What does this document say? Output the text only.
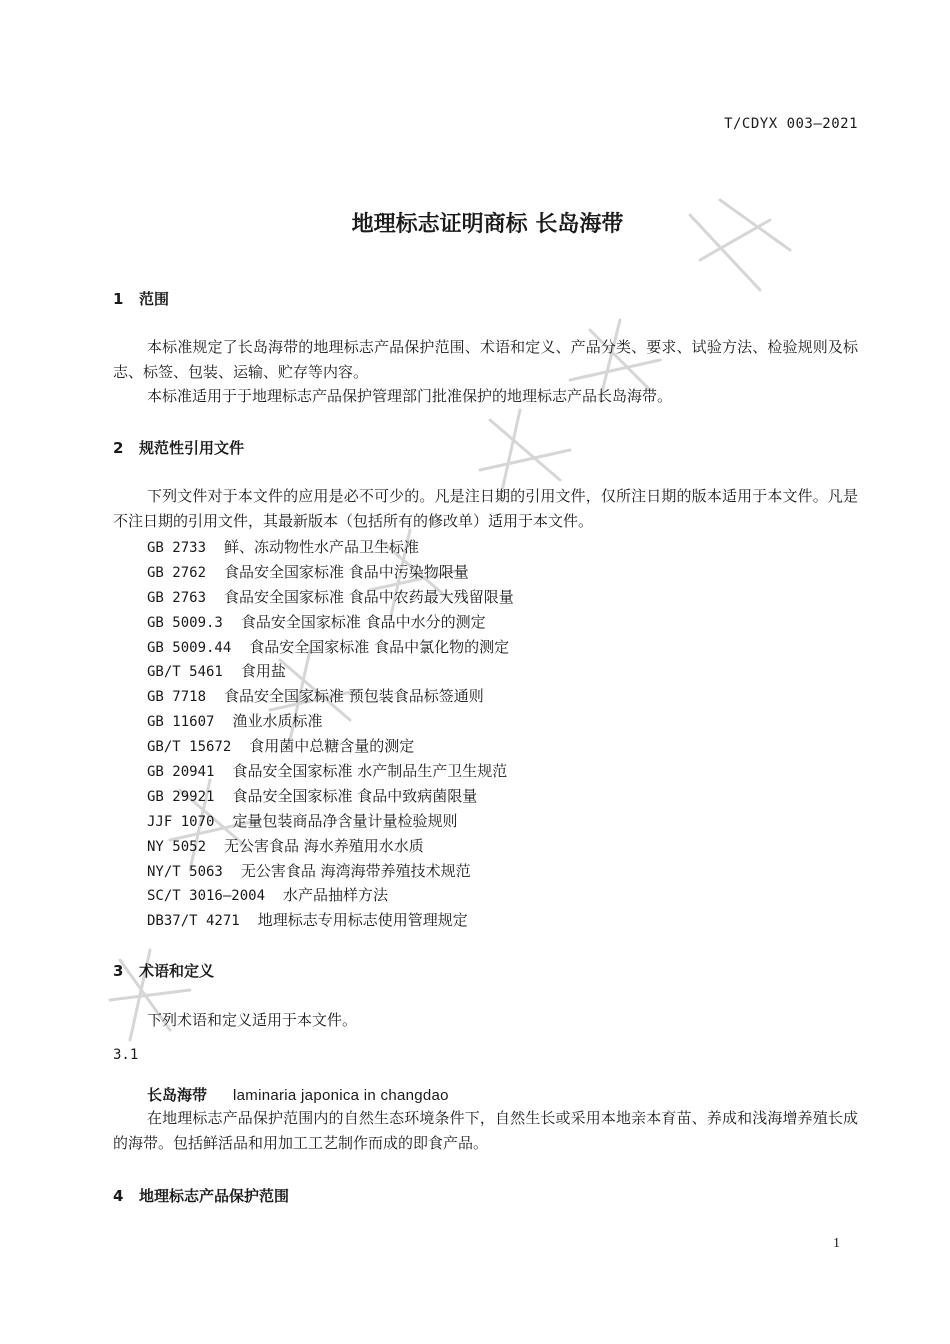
T/CDYX 003—2021
地理标志证明商标 长岛海带
1 范围

本标准规定了长岛海带的地理标志产品保护范围、术语和定义、产品分类、要求、试验方法、检验规则及标志、标签、包装、运输、贮存等内容。

本标准适用于于地理标志产品保护管理部门批准保护的地理标志产品长岛海带。

2 规范性引用文件

下列文件对于本文件的应用是必不可少的。凡是注日期的引用文件，仅所注日期的版本适用于本文件。凡是不注日期的引用文件，其最新版本（包括所有的修改单）适用于本文件。

GB 2733 鲜、冻动物性水产品卫生标准
GB 2762 食品安全国家标准 食品中污染物限量
GB 2763 食品安全国家标准 食品中农药最大残留限量
GB 5009.3 食品安全国家标准 食品中水分的测定
GB 5009.44 食品安全国家标准 食品中氯化物的测定
GB/T 5461 食用盐
GB 7718 食品安全国家标准 预包装食品标签通则
GB 11607 渔业水质标准
GB/T 15672 食用菌中总糖含量的测定
GB 20941 食品安全国家标准 水产制品生产卫生规范
GB 29921 食品安全国家标准 食品中致病菌限量
JJF 1070 定量包装商品净含量计量检验规则
NY 5052 无公害食品 海水养殖用水水质
NY/T 5063 无公害食品 海湾海带养殖技术规范
SC/T 3016—2004 水产品抽样方法
DB37/T 4271 地理标志专用标志使用管理规定
3 术语和定义

下列术语和定义适用于本文件。

3.1
长岛海带 laminaria japonica in changdao

在地理标志产品保护范围内的自然生态环境条件下，自然生长或采用本地亲本育苗、养成和浅海增养殖长成的海带。包括鲜活品和用加工工艺制作而成的即食产品。

4 地理标志产品保护范围
1
